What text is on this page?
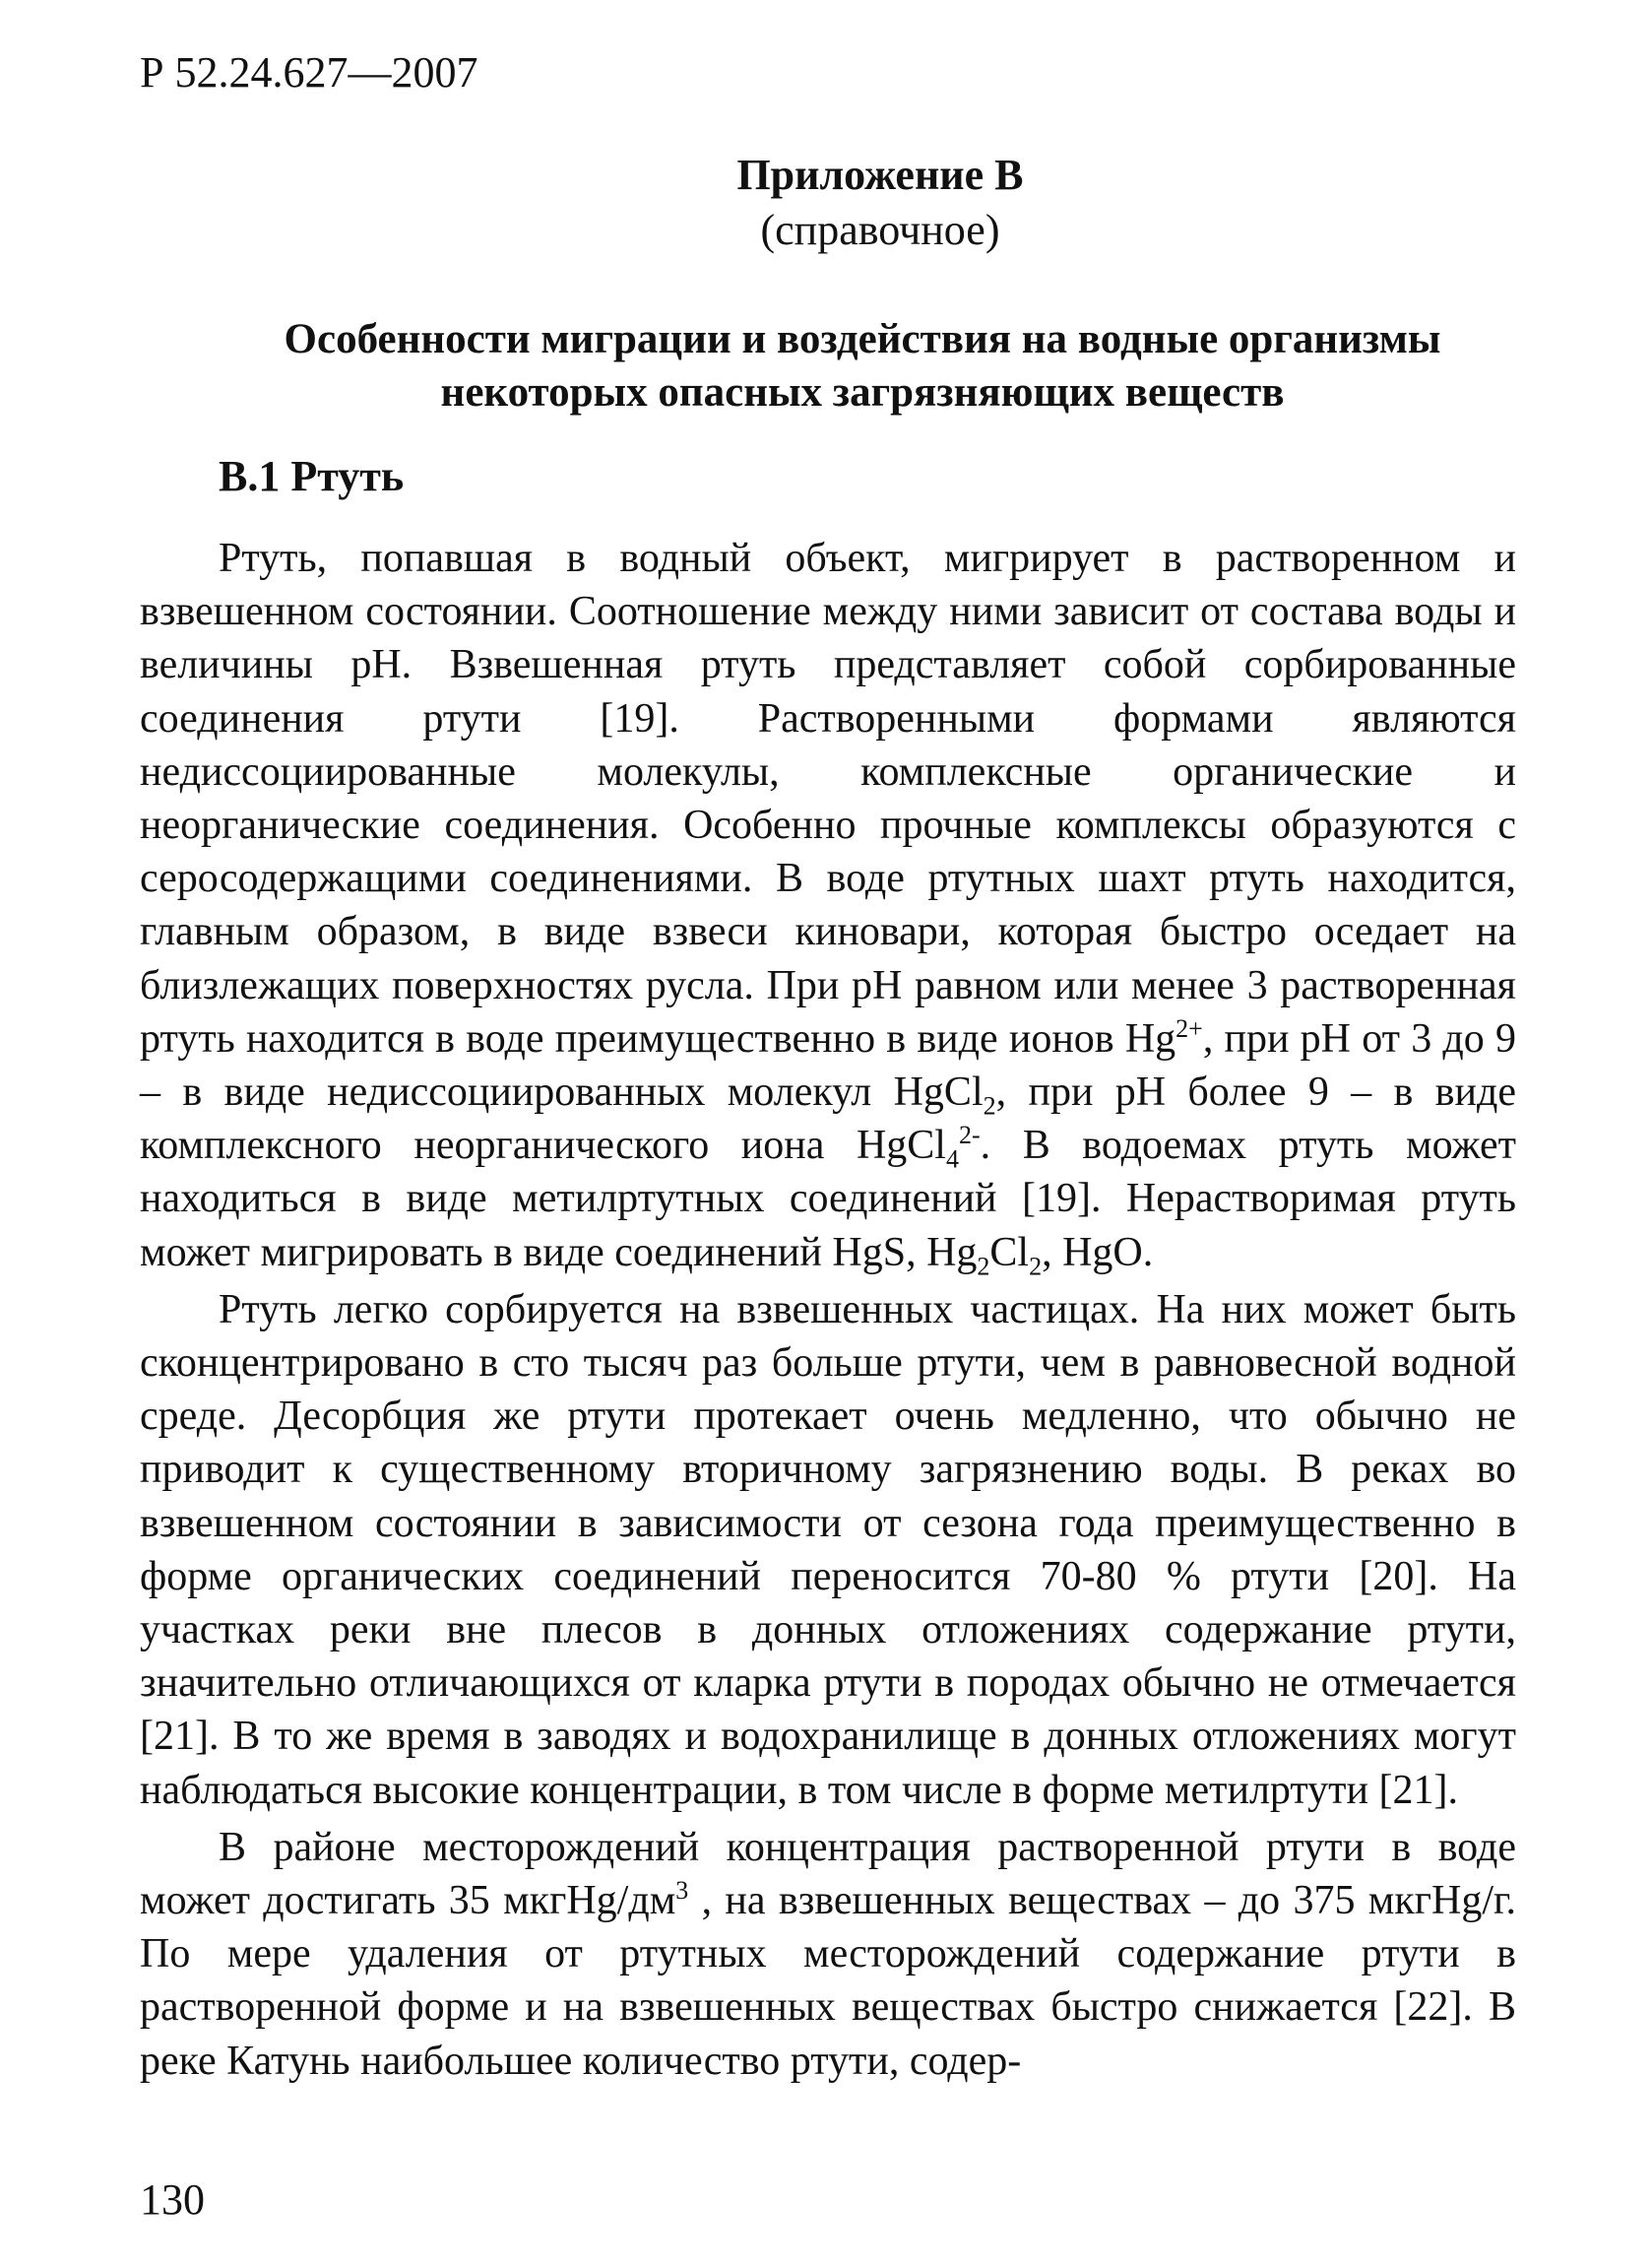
Р 52.24.627—2007

Приложение В

(справочное)

Особенности миграции и воздействия на водные организмы
некоторых опасных загрязняющих веществ

В.1 Ртуть

Ртуть, попавшая в водный объект, мигрирует в растворенном и взвешенном состоянии. Соотношение между ними зависит от состава воды и величины pH. Взвешенная ртуть представляет собой сорбированные соединения ртути [19]. Растворенными формами являются недиссоциированные молекулы, комплексные органические и неорганические соединения. Особенно прочные комплексы образуются с серосодержащими соединениями. В воде ртутных шахт ртуть находится, главным образом, в виде взвеси киновари, которая быстро оседает на близлежащих поверхностях русла. При pH равном или менее 3 растворенная ртуть находится в воде преимущественно в виде ионов $Hg^{2+}$, при pH от 3 до 9 – в виде недиссоциированных молекул HgCl$_2$, при pH более 9 – в виде комплексного неорганического иона HgCl$_4^{2-}$. В водоемах ртуть может находиться в виде метилртутных соединений [19]. Нерастворимая ртуть может мигрировать в виде соединений HgS, $Hg_2Cl_2$, HgO.

Ртуть легко сорбируется на взвешенных частицах. На них может быть сконцентрировано в сто тысяч раз больше ртути, чем в равновесной водной среде. Десорбция же ртути протекает очень медленно, что обычно не приводит к существенному вторичному загрязнению воды. В реках во взвешенном состоянии в зависимости от сезона года преимущественно в форме органических соединений переносится 70-80 % ртути [20]. На участках реки вне плесов в донных отложениях содержание ртути, значительно отличающихся от кларка ртути в породах обычно не отмечается [21]. В то же время в заводях и водохранилище в донных отложениях могут наблюдаться высокие концентрации, в том числе в форме метилртути [21].

В районе месторождений концентрация растворенной ртути в воде может достигать 35 мкгHg/$дм^3$ , на взвешенных веществах – до 375 мкгHg/г. По мере удаления от ртутных месторождений содержание ртути в растворенной форме и на взвешенных веществах быстро снижается [22]. В реке Катунь наибольшее количество ртути, содер-

130
